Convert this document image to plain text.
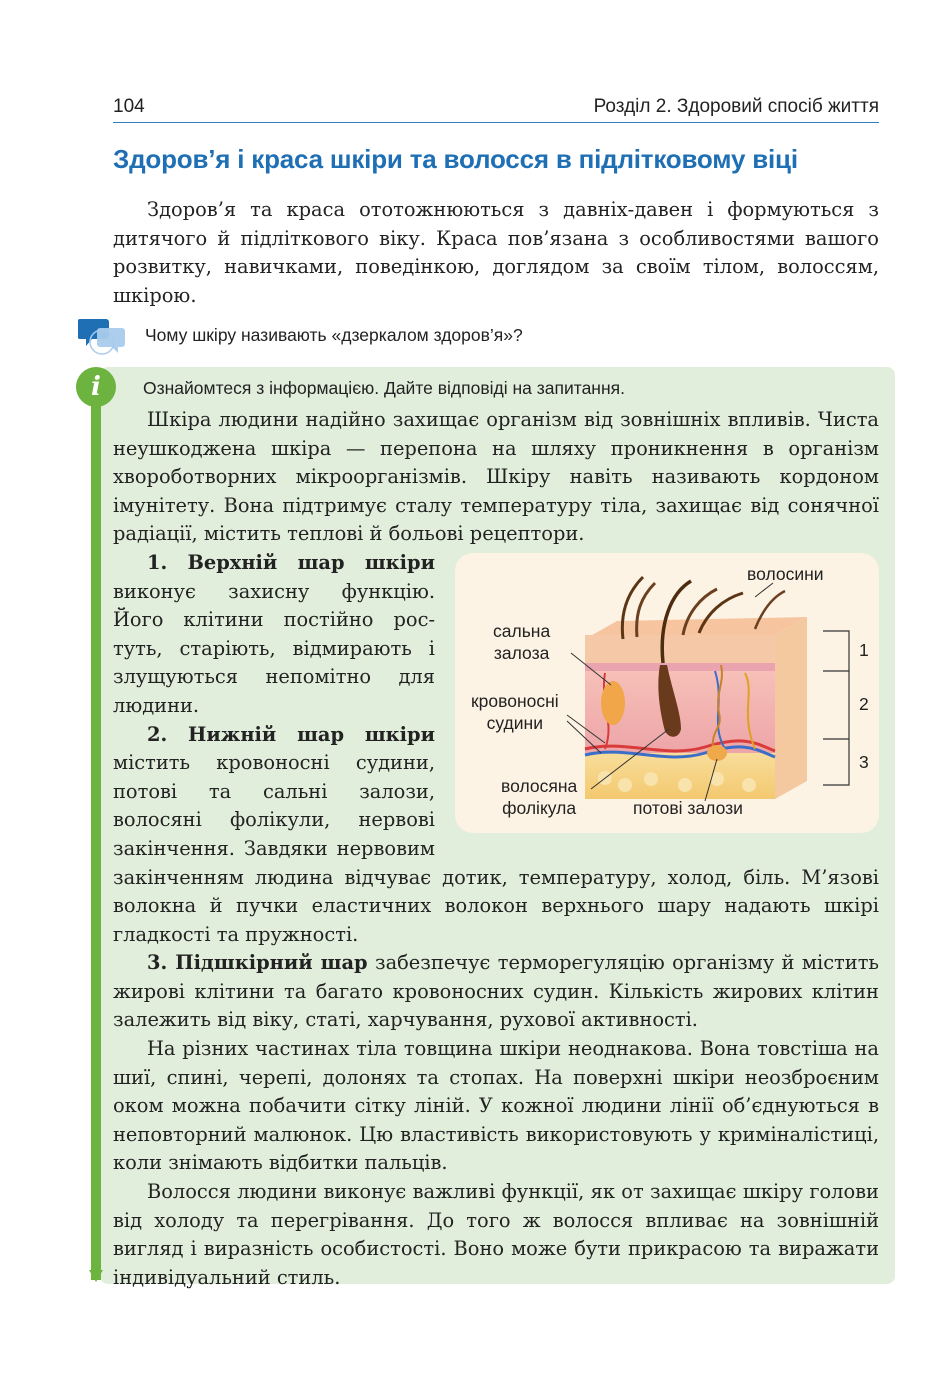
104	Розділ 2. Здоровий спосіб життя
Здоров’я і краса шкіри та волосся в підлітковому віці
Здоров’я та краса ототожнюються з давніх-давен і формуються з дитячого й підліткового віку. Краса пов’язана з особливостями вашого розвитку, навичками, поведінкою, доглядом за своїм тілом, волоссям, шкірою.
Чому шкіру називають «дзеркалом здоров’я»?
i	Ознайомтеся з інформацією. Дайте відповіді на запитання.

Шкіра людини надійно захищає організм від зовнішніх впливів. Чиста неушкоджена шкіра — перепона на шляху проникнення в організм хвороботворних мікроорганізмів. Шкіру навіть називають кордоном імунітету. Вона підтримує сталу температуру тіла, захищає від сонячної радіації, містить теплові й больові рецептори.

волосини
сальна
залоза
кровоносні
судини
волосяна
фолікула	потові залози
1
2
3

1. Верхній шар шкіри виконує захисну функцію. Його клітини постійно ростуть, старіють, відмирають і злущуються непомітно для людини.

2. Нижній шар шкіри містить кровоносні судини, потові та сальні залози, волосяні фолікули, нервові закінчення. Завдяки нервовим закінченням людина відчуває дотик, температуру, холод, біль. М’язові волокна й пучки еластичних волокон верхнього шару надають шкірі гладкості та пружності.

3. Підшкірний шар забезпечує терморегуляцію організму й містить жирові клітини та багато кровоносних судин. Кількість жирових клітин залежить від віку, статі, харчування, рухової активності.

На різних частинах тіла товщина шкіри неоднакова. Вона товстіша на шиї, спині, черепі, долонях та стопах. На поверхні шкіри неозброєним оком можна побачити сітку ліній. У кожної людини лінії об’єднуються в неповторний малюнок. Цю властивість використовують у криміналістиці, коли знімають відбитки пальців.

Волосся людини виконує важливі функції, як от захищає шкіру голови від холоду та перегрівання. До того ж волосся впливає на зовнішній вигляд і виразність особистості. Воно може бути прикрасою та виражати індивідуальний стиль.
